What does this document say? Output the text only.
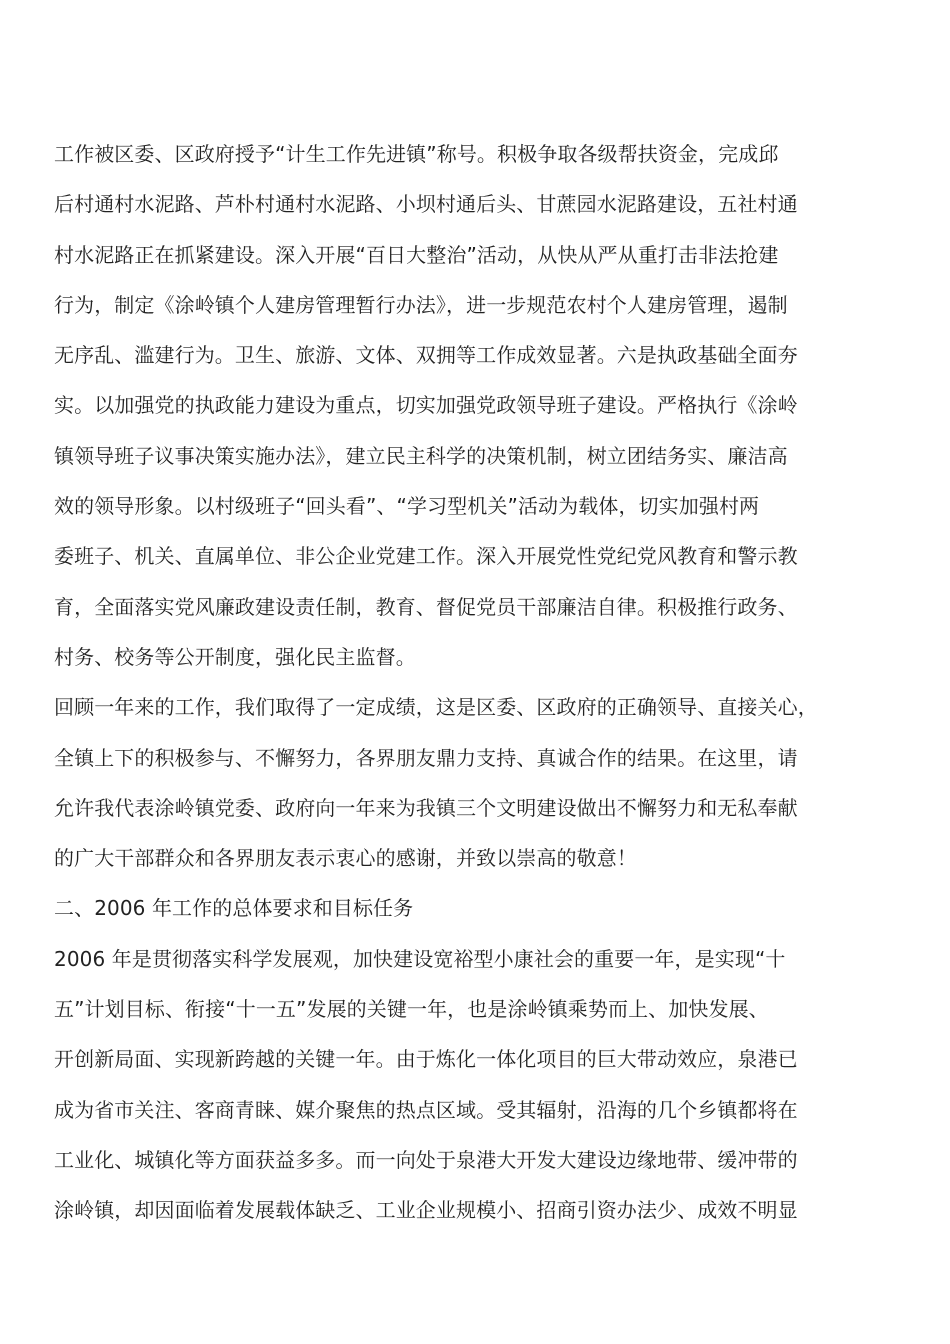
工作被区委、区政府授予“计生工作先进镇”称号。积极争取各级帮扶资金，完成邱
后村通村水泥路、芦朴村通村水泥路、小坝村通后头、甘蔗园水泥路建设，五社村通
村水泥路正在抓紧建设。深入开展“百日大整治”活动，从快从严从重打击非法抢建
行为，制定《涂岭镇个人建房管理暂行办法》，进一步规范农村个人建房管理，遏制
无序乱、滥建行为。卫生、旅游、文体、双拥等工作成效显著。六是执政基础全面夯
实。以加强党的执政能力建设为重点，切实加强党政领导班子建设。严格执行《涂岭
镇领导班子议事决策实施办法》，建立民主科学的决策机制，树立团结务实、廉洁高
效的领导形象。以村级班子“回头看”、“学习型机关”活动为载体，切实加强村两
委班子、机关、直属单位、非公企业党建工作。深入开展党性党纪党风教育和警示教
育，全面落实党风廉政建设责任制，教育、督促党员干部廉洁自律。积极推行政务、
村务、校务等公开制度，强化民主监督。
回顾一年来的工作，我们取得了一定成绩，这是区委、区政府的正确领导、直接关心，
全镇上下的积极参与、不懈努力，各界朋友鼎力支持、真诚合作的结果。在这里，请
允许我代表涂岭镇党委、政府向一年来为我镇三个文明建设做出不懈努力和无私奉献
的广大干部群众和各界朋友表示衷心的感谢，并致以崇高的敬意！
二、2006 年工作的总体要求和目标任务
2006 年是贯彻落实科学发展观，加快建设宽裕型小康社会的重要一年，是实现“十
五”计划目标、衔接“十一五”发展的关键一年，也是涂岭镇乘势而上、加快发展、
开创新局面、实现新跨越的关键一年。由于炼化一体化项目的巨大带动效应，泉港已
成为省市关注、客商青睐、媒介聚焦的热点区域。受其辐射，沿海的几个乡镇都将在
工业化、城镇化等方面获益多多。而一向处于泉港大开发大建设边缘地带、缓冲带的
涂岭镇，却因面临着发展载体缺乏、工业企业规模小、招商引资办法少、成效不明显
